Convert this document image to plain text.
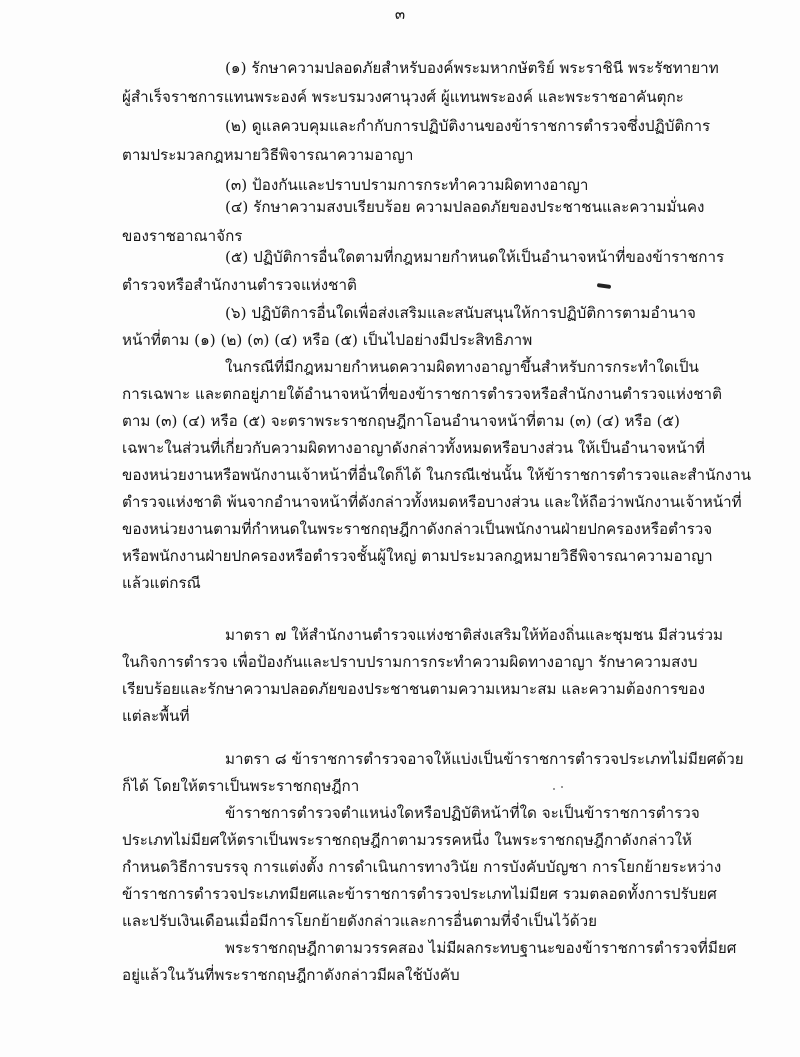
๓
(๑) รักษาความปลอดภัยสำหรับองค์พระมหากษัตริย์ พระราชินี พระรัชทายาท
ผู้สำเร็จราชการแทนพระองค์ พระบรมวงศานุวงศ์ ผู้แทนพระองค์ และพระราชอาคันตุกะ
(๒) ดูแลควบคุมและกำกับการปฏิบัติงานของข้าราชการตำรวจซึ่งปฏิบัติการ
ตามประมวลกฎหมายวิธีพิจารณาความอาญา
(๓) ป้องกันและปราบปรามการกระทำความผิดทางอาญา
(๔) รักษาความสงบเรียบร้อย ความปลอดภัยของประชาชนและความมั่นคง
ของราชอาณาจักร
(๕) ปฏิบัติการอื่นใดตามที่กฎหมายกำหนดให้เป็นอำนาจหน้าที่ของข้าราชการ
ตำรวจหรือสำนักงานตำรวจแห่งชาติ
(๖) ปฏิบัติการอื่นใดเพื่อส่งเสริมและสนับสนุนให้การปฏิบัติการตามอำนาจ
หน้าที่ตาม (๑) (๒) (๓) (๔) หรือ (๕) เป็นไปอย่างมีประสิทธิภาพ
ในกรณีที่มีกฎหมายกำหนดความผิดทางอาญาขึ้นสำหรับการกระทำใดเป็น
การเฉพาะ และตกอยู่ภายใต้อำนาจหน้าที่ของข้าราชการตำรวจหรือสำนักงานตำรวจแห่งชาติ
ตาม (๓) (๔) หรือ (๕) จะตราพระราชกฤษฎีกาโอนอำนาจหน้าที่ตาม (๓) (๔) หรือ (๕)
เฉพาะในส่วนที่เกี่ยวกับความผิดทางอาญาดังกล่าวทั้งหมดหรือบางส่วน ให้เป็นอำนาจหน้าที่
ของหน่วยงานหรือพนักงานเจ้าหน้าที่อื่นใดก็ได้ ในกรณีเช่นนั้น ให้ข้าราชการตำรวจและสำนักงาน
ตำรวจแห่งชาติ พ้นจากอำนาจหน้าที่ดังกล่าวทั้งหมดหรือบางส่วน และให้ถือว่าพนักงานเจ้าหน้าที่
ของหน่วยงานตามที่กำหนดในพระราชกฤษฎีกาดังกล่าวเป็นพนักงานฝ่ายปกครองหรือตำรวจ
หรือพนักงานฝ่ายปกครองหรือตำรวจชั้นผู้ใหญ่ ตามประมวลกฎหมายวิธีพิจารณาความอาญา
แล้วแต่กรณี
มาตรา ๗ ให้สำนักงานตำรวจแห่งชาติส่งเสริมให้ท้องถิ่นและชุมชน มีส่วนร่วม
ในกิจการตำรวจ เพื่อป้องกันและปราบปรามการกระทำความผิดทางอาญา รักษาความสงบ
เรียบร้อยและรักษาความปลอดภัยของประชาชนตามความเหมาะสม และความต้องการของ
แต่ละพื้นที่
มาตรา ๘ ข้าราชการตำรวจอาจให้แบ่งเป็นข้าราชการตำรวจประเภทไม่มียศด้วย
ก็ได้ โดยให้ตราเป็นพระราชกฤษฎีกา
ข้าราชการตำรวจตำแหน่งใดหรือปฏิบัติหน้าที่ใด จะเป็นข้าราชการตำรวจ
ประเภทไม่มียศให้ตราเป็นพระราชกฤษฎีกาตามวรรคหนึ่ง ในพระราชกฤษฎีกาดังกล่าวให้
กำหนดวิธีการบรรจุ การแต่งตั้ง การดำเนินการทางวินัย การบังคับบัญชา การโยกย้ายระหว่าง
ข้าราชการตำรวจประเภทมียศและข้าราชการตำรวจประเภทไม่มียศ รวมตลอดทั้งการปรับยศ
และปรับเงินเดือนเมื่อมีการโยกย้ายดังกล่าวและการอื่นตามที่จำเป็นไว้ด้วย
พระราชกฤษฎีกาตามวรรคสอง ไม่มีผลกระทบฐานะของข้าราชการตำรวจที่มียศ
อยู่แล้วในวันที่พระราชกฤษฎีกาดังกล่าวมีผลใช้บังคับ
